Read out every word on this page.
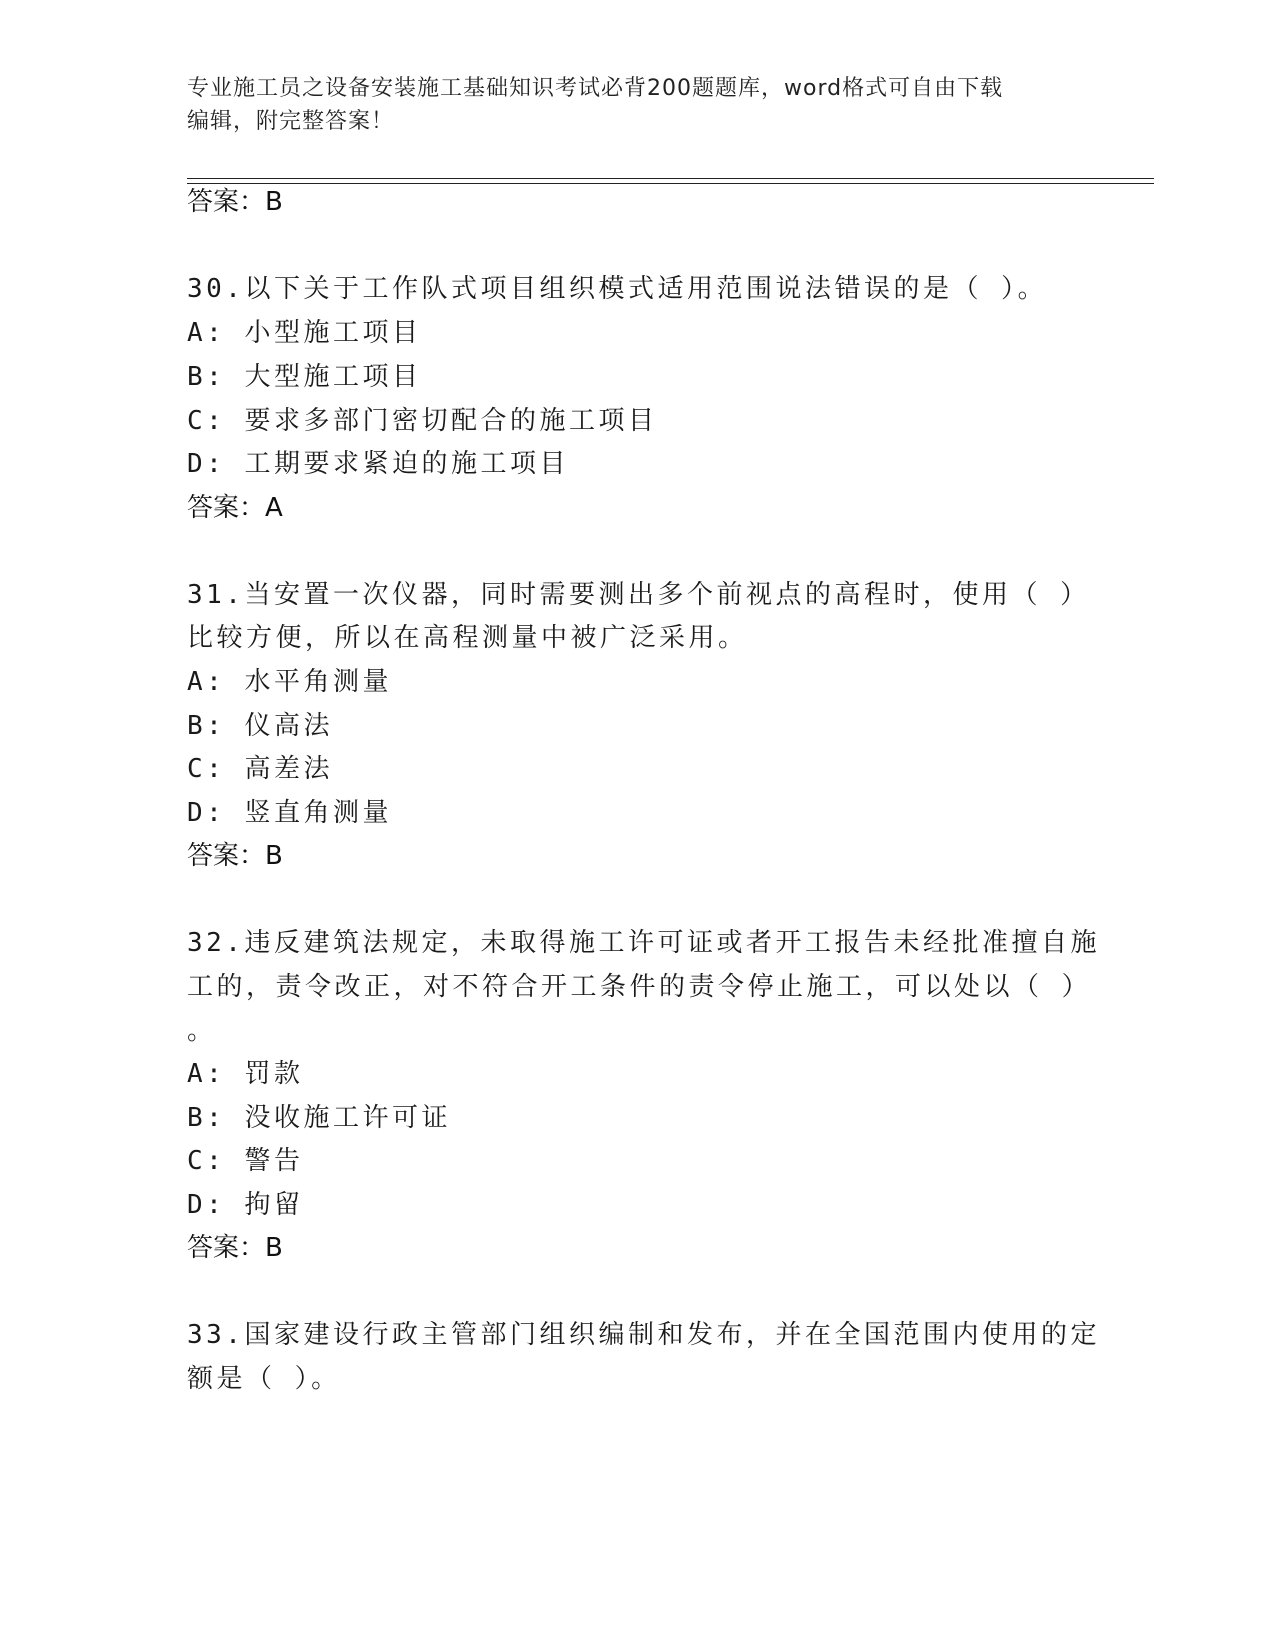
专业施工员之设备安装施工基础知识考试必背200题题库，word格式可自由下载
编辑，附完整答案！
答案：B
30.以下关于工作队式项目组织模式适用范围说法错误的是（ ）。
A: 小型施工项目
B: 大型施工项目
C: 要求多部门密切配合的施工项目
D: 工期要求紧迫的施工项目
答案：A
31.当安置一次仪器，同时需要测出多个前视点的高程时，使用（ ）
比较方便，所以在高程测量中被广泛采用。
A: 水平角测量
B: 仪高法
C: 高差法
D: 竖直角测量
答案：B
32.违反建筑法规定，未取得施工许可证或者开工报告未经批准擅自施
工的，责令改正，对不符合开工条件的责令停止施工，可以处以（ ）
。
A: 罚款
B: 没收施工许可证
C: 警告
D: 拘留
答案：B
33.国家建设行政主管部门组织编制和发布，并在全国范围内使用的定
额是（ ）。
